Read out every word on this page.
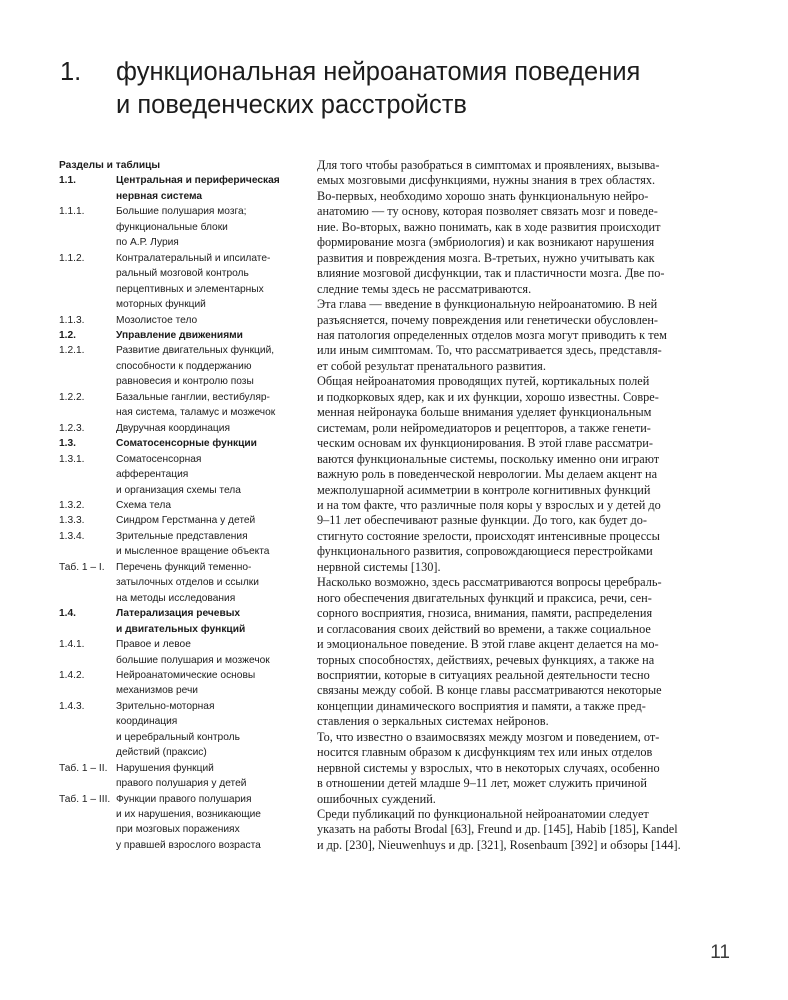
1. функциональная нейроанатомия поведения
и поведенческих расстройств
Разделы и таблицы
1.1.	Центральная и периферическая
нервная система
1.1.1.	Большие полушария мозга;
функциональные блоки
по А.Р. Лурия
1.1.2.	Контралатеральный и ипсилате-
ральный мозговой контроль
перцептивных и элементарных
моторных функций
1.1.3.	Мозолистое тело
1.2.	Управление движениями
1.2.1.	Развитие двигательных функций,
способности к поддержанию
равновесия и контролю позы
1.2.2.	Базальные ганглии, вестибуляр-
ная система, таламус и мозжечок
1.2.3.	Двуручная координация
1.3.	Соматосенсорные функции
1.3.1.	Соматосенсорная
афферентация
и организация схемы тела
1.3.2.	Схема тела
1.3.3.	Синдром Герстманна у детей
1.3.4.	Зрительные представления
и мысленное вращение объекта
Таб. 1 – I.	Перечень функций теменно-
затылочных отделов и ссылки
на методы исследования
1.4.	Латерализация речевых
и двигательных функций
1.4.1.	Правое и левое
большие полушария и мозжечок
1.4.2.	Нейроанатомические основы
механизмов речи
1.4.3.	Зрительно-моторная
координация
и церебральный контроль
действий (праксис)
Таб. 1 – II. Нарушения функций
правого полушария у детей
Таб. 1 – III. Функции правого полушария
и их нарушения, возникающие
при мозговых поражениях
у правшей взрослого возраста
Для того чтобы разобраться в симптомах и проявлениях, вызыва-
емых мозговыми дисфункциями, нужны знания в трех областях.
Во-первых, необходимо хорошо знать функциональную нейро-
анатомию — ту основу, которая позволяет связать мозг и поведе-
ние. Во-вторых, важно понимать, как в ходе развития происходит
формирование мозга (эмбриология) и как возникают нарушения
развития и повреждения мозга. В-третьих, нужно учитывать как
влияние мозговой дисфункции, так и пластичности мозга. Две по-
следние темы здесь не рассматриваются.
Эта глава — введение в функциональную нейроанатомию. В ней
разъясняется, почему повреждения или генетически обусловлен-
ная патология определенных отделов мозга могут приводить к тем
или иным симптомам. То, что рассматривается здесь, представля-
ет собой результат пренатального развития.
Общая нейроанатомия проводящих путей, кортикальных полей
и подкорковых ядер, как и их функции, хорошо известны. Совре-
менная нейронаука больше внимания уделяет функциональным
системам, роли нейромедиаторов и рецепторов, а также генети-
ческим основам их функционирования. В этой главе рассматри-
ваются функциональные системы, поскольку именно они играют
важную роль в поведенческой неврологии. Мы делаем акцент на
межполушарной асимметрии в контроле когнитивных функций
и на том факте, что различные поля коры у взрослых и у детей до
9–11 лет обеспечивают разные функции. До того, как будет до-
стигнуто состояние зрелости, происходят интенсивные процессы
функционального развития, сопровождающиеся перестройками
нервной системы [130].
Насколько возможно, здесь рассматриваются вопросы церебраль-
ного обеспечения двигательных функций и праксиса, речи, сен-
сорного восприятия, гнозиса, внимания, памяти, распределения
и согласования своих действий во времени, а также социальное
и эмоциональное поведение. В этой главе акцент делается на мо-
торных способностях, действиях, речевых функциях, а также на
восприятии, которые в ситуациях реальной деятельности тесно
связаны между собой. В конце главы рассматриваются некоторые
концепции динамического восприятия и памяти, а также пред-
ставления о зеркальных системах нейронов.
То, что известно о взаимосвязях между мозгом и поведением, от-
носится главным образом к дисфункциям тех или иных отделов
нервной системы у взрослых, что в некоторых случаях, особенно
в отношении детей младше 9–11 лет, может служить причиной
ошибочных суждений.
Среди публикаций по функциональной нейроанатомии следует
указать на работы Brodal [63], Freund и др. [145], Habib [185], Kandel
и др. [230], Nieuwenhuys и др. [321], Rosenbaum [392] и обзоры [144].
11
